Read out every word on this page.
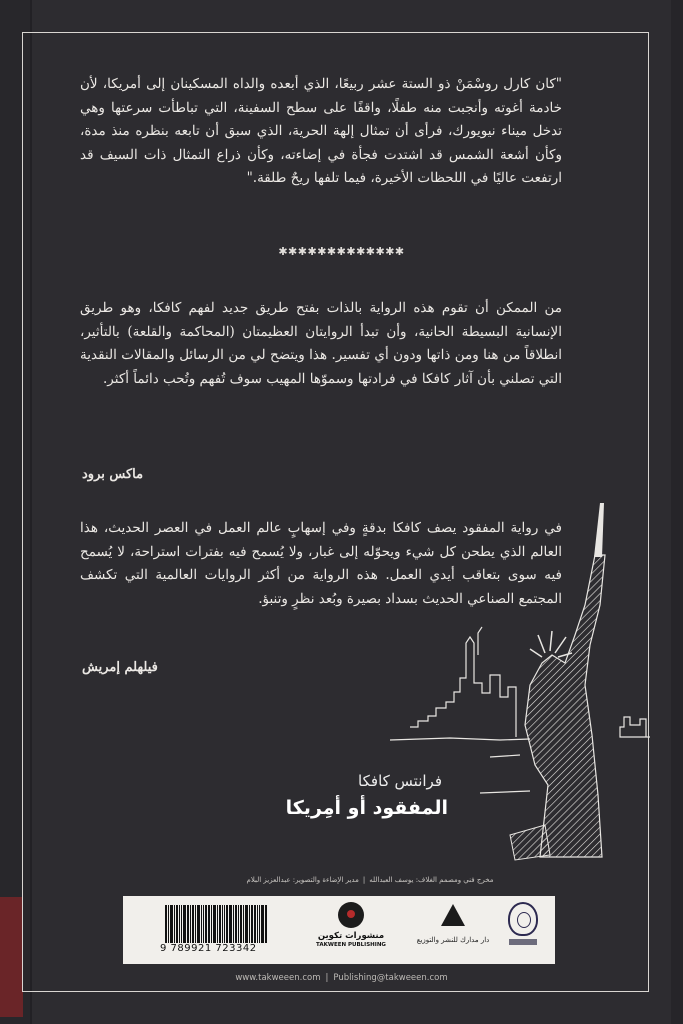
"كان كارل روسْمَنْ ذو الستة عشر ربيعًا، الذي أبعده والداه المسكينان إلى أمريكا، لأن خادمة أغوته وأنجبت منه طفلًا، واقفًا على سطح السفينة، التي تباطأت سرعتها وهي تدخل ميناء نيويورك، فرأى أن تمثال إلهة الحرية، الذي سبق أن تابعه بنظره منذ مدة، وكأن أشعة الشمس قد اشتدت فجأة في إضاءته، وكأن ذراع التمثال ذات السيف قد ارتفعت عاليًا في اللحظات الأخيرة، فيما تلفها ريحٌ طلقة."
✱✱✱✱✱✱✱✱✱✱✱✱✱
من الممكن أن تقوم هذه الرواية بالذات بفتح طريق جديد لفهم كافكا، وهو طريق الإنسانية البسيطة الحانية، وأن تبدأ الروايتان العظيمتان (المحاكمة والقلعة) بالتأثير، انطلاقاً من هنا ومن ذاتها ودون أي تفسير. هذا ويتضح لي من الرسائل والمقالات النقدية التي تصلني بأن آثار كافكا في فرادتها وسموّها المهيب سوف تُفهم وتُحب دائماً أكثر.
ماكس برود
في رواية المفقود يصف كافكا بدقةٍ وفي إسهابٍ عالم العمل في العصر الحديث، هذا العالم الذي يطحن كل شيء ويحوّله إلى غبار، ولا يُسمح فيه بفترات استراحة، لا يُسمح فيه سوى بتعاقب أيدي العمل. هذه الرواية من أكثر الروايات العالمية التي تكشف المجتمع الصناعي الحديث بسداد بصيرة وبُعد نظرٍ وتنبؤ.
فيلهلم إمريش
فرانتس كافكا
المفقود أو أمِريكا
مخرج فني ومصمم الغلاف: يوسف العبدالله|مدير الإضاءة والتصوير: عبدالعزيز البلام
9 789921 723342
منشورات تكوين
TAKWEEN PUBLISHING
دار مدارك للنشر والتوزيع
www.takweeen.com | Publishing@takweeen.com
